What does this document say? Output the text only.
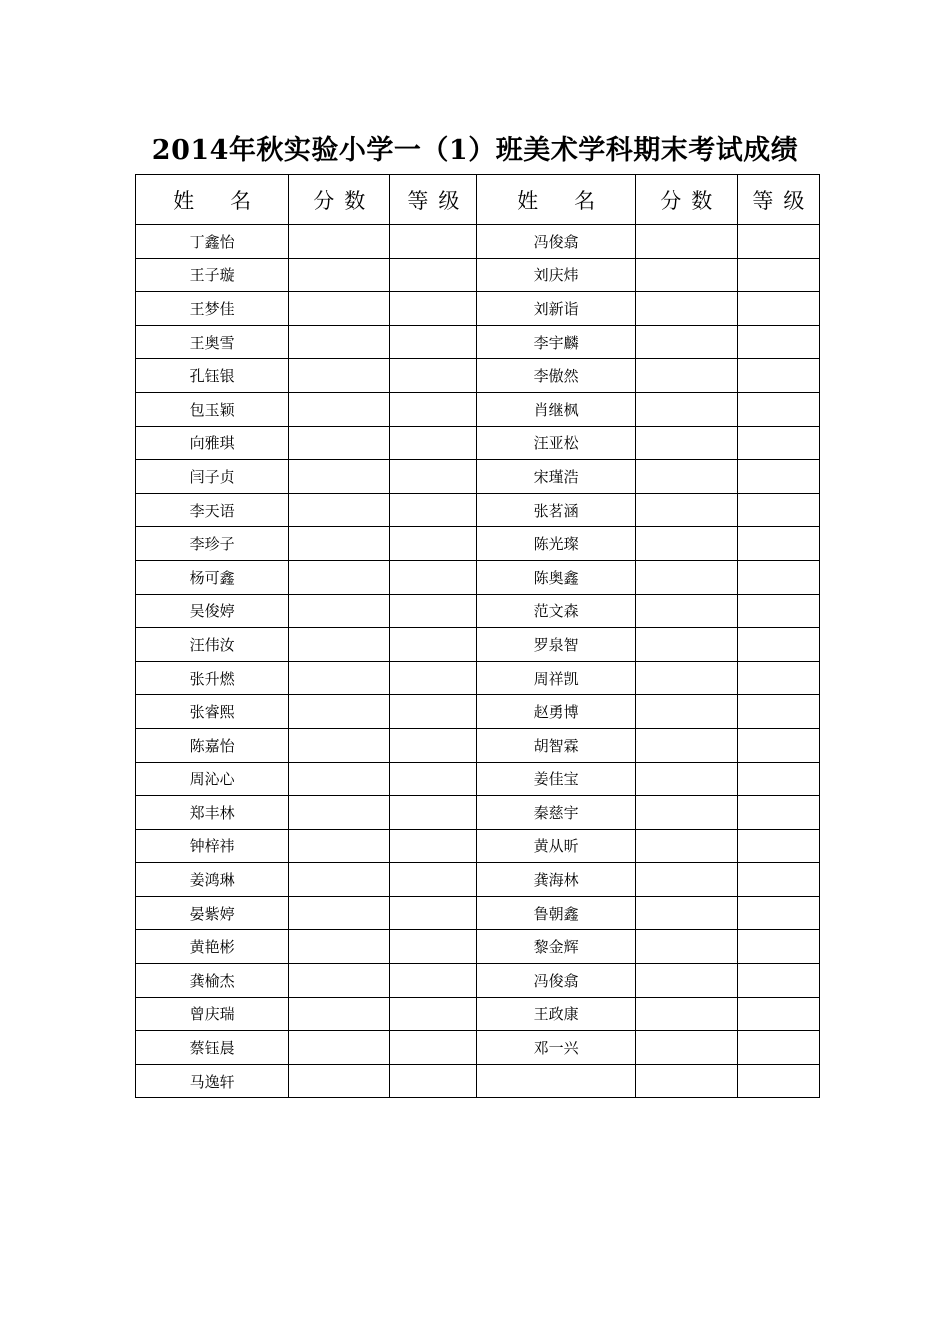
2014年秋实验小学一（1）班美术学科期末考试成绩
姓名	分数	等级	姓名	分数	等级
丁鑫怡			冯俊翕		
王子璇			刘庆炜		
王梦佳			刘新诣		
王奥雪			李宇麟		
孔钰银			李傲然		
包玉颖			肖继枫		
向雅琪			汪亚松		
闫子贞			宋瑾浩		
李天语			张茗涵		
李珍子			陈光璨		
杨可鑫			陈奥鑫		
吴俊婷			范文森		
汪伟汝			罗泉智		
张升燃			周祥凯		
张睿熙			赵勇博		
陈嘉怡			胡智霖		
周沁心			姜佳宝		
郑丰林			秦慈宇		
钟梓祎			黄从昕		
姜鸿琳			龚海林		
晏紫婷			鲁朝鑫		
黄艳彬			黎金辉		
龚榆杰			冯俊翕		
曾庆瑞			王政康		
蔡钰晨			邓一兴		
马逸轩					
